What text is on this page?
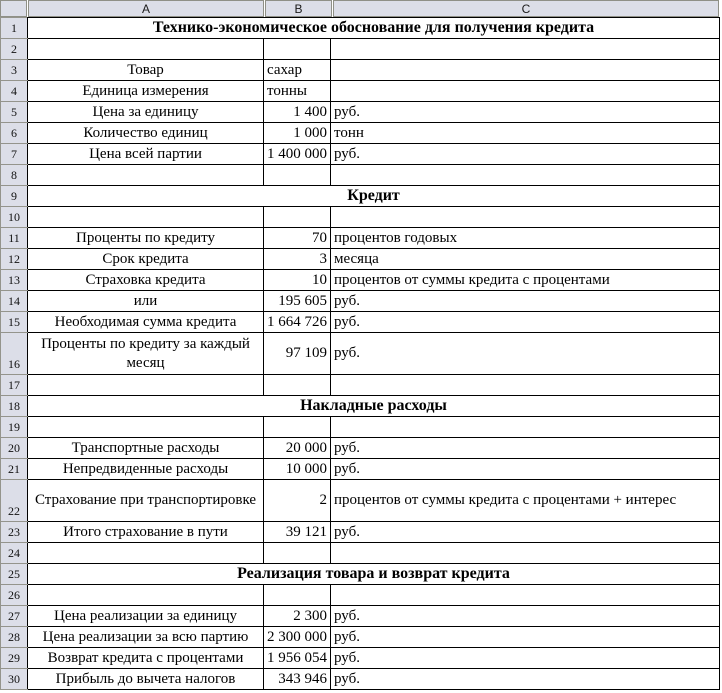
A	B	C
1	Технико-экономическое обоснование для получения кредита		
2			
3	Товар	сахар	
4	Единица измерения	тонны	
5	Цена за единицу	1 400	руб.
6	Количество единиц	1 000	тонн
7	Цена всей партии	1 400 000	руб.
8			
9	Кредит		
10			
11	Проценты по кредиту	70	процентов годовых
12	Срок кредита	3	месяца
13	Страховка кредита	10	процентов от суммы кредита с процентами
14	или	195 605	руб.
15	Необходимая сумма кредита	1 664 726	руб.
16	Проценты по кредиту за каждый месяц	97 109	руб.
17			
18	Накладные расходы		
19			
20	Транспортные расходы	20 000	руб.
21	Непредвиденные расходы	10 000	руб.
22	Страхование при транспортировке	2	процентов от суммы кредита с процентами + интерес
23	Итого страхование в пути	39 121	руб.
24			
25	Реализация товара и возврат кредита		
26			
27	Цена реализации за единицу	2 300	руб.
28	Цена реализации за всю партию	2 300 000	руб.
29	Возврат кредита с процентами	1 956 054	руб.
30	Прибыль до вычета налогов	343 946	руб.
